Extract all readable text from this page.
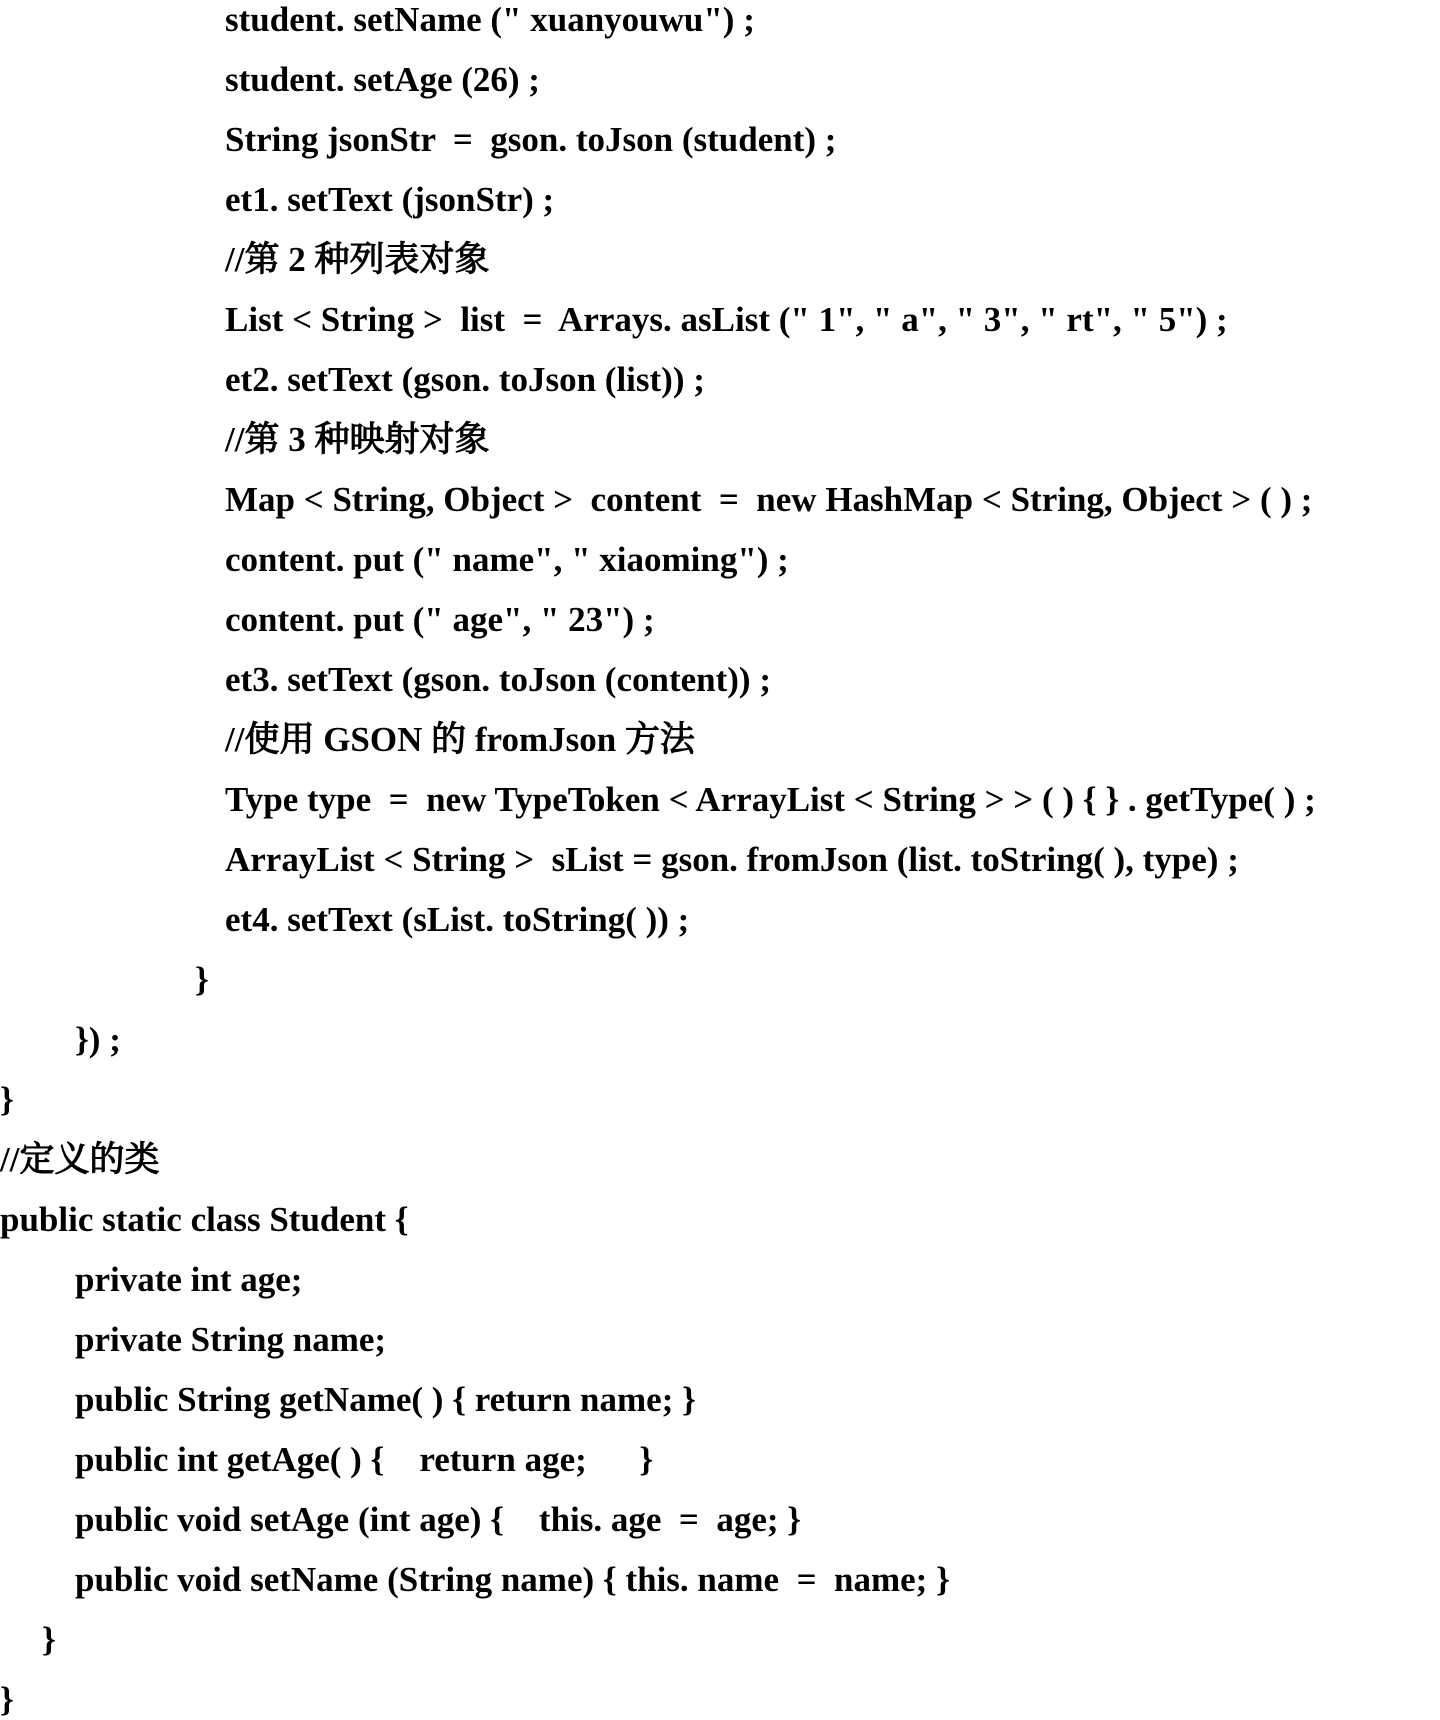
student. setName (" xuanyouwu") ;
student. setAge (26) ;
String jsonStr  =  gson. toJson (student) ;
et1. setText (jsonStr) ;
//第 2 种列表对象
List < String >  list  =  Arrays. asList (" 1", " a", " 3", " rt", " 5") ;
et2. setText (gson. toJson (list)) ;
//第 3 种映射对象
Map < String, Object >  content  =  new HashMap < String, Object > ( ) ;
content. put (" name", " xiaoming") ;
content. put (" age", " 23") ;
et3. setText (gson. toJson (content)) ;
//使用 GSON 的 fromJson 方法
Type type  =  new TypeToken < ArrayList < String > > ( ) { } . getType( ) ;
ArrayList < String >  sList = gson. fromJson (list. toString( ), type) ;
et4. setText (sList. toString( )) ;
}
}) ;
}
//定义的类
public static class Student {
private int age;
private String name;
public String getName( ) { return name; }
public int getAge( ) {    return age;      }
public void setAge (int age) {    this. age  =  age; }
public void setName (String name) { this. name  =  name; }
}
}
